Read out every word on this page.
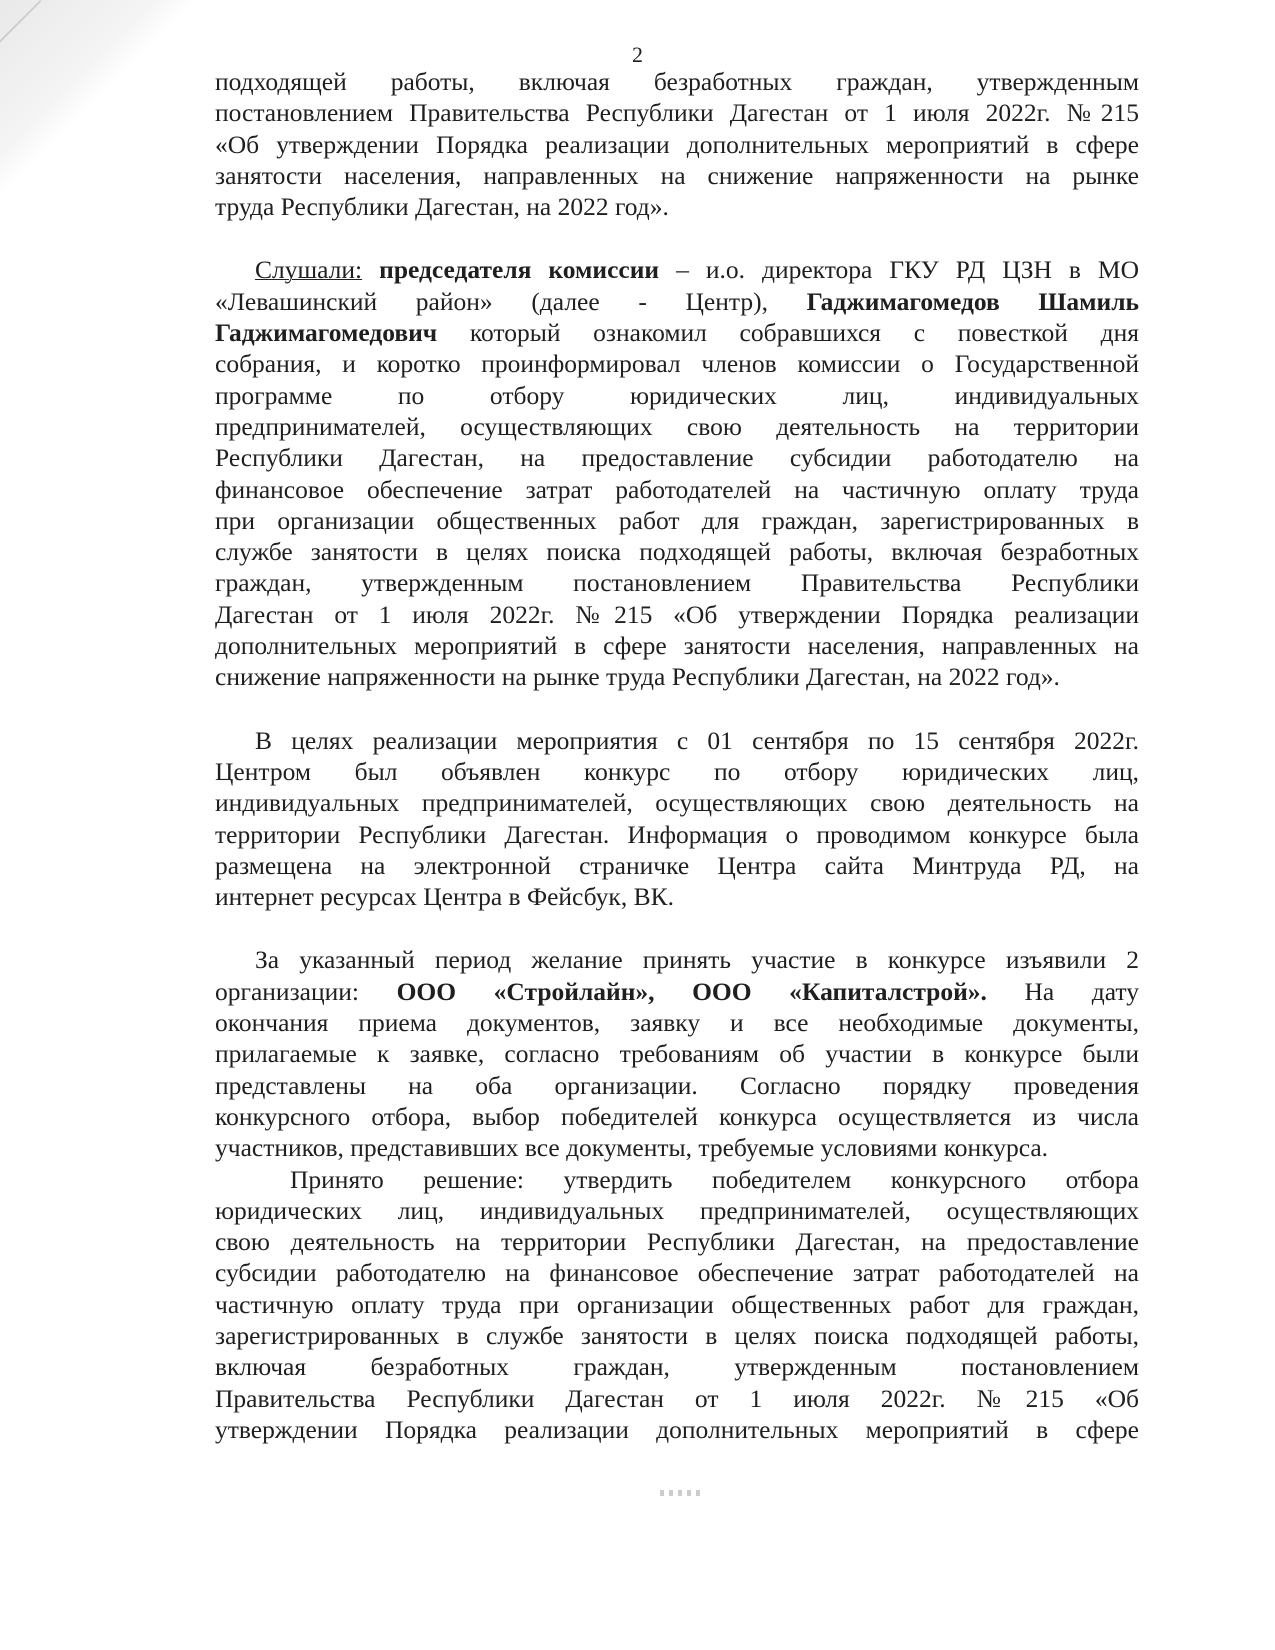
2

подходящей работы, включая безработных граждан, утвержденным

постановлением Правительства Республики Дагестан от 1 июля 2022г. №215

«Об утверждении Порядка реализации дополнительных мероприятий в сфере

занятости населения, направленных на снижение напряженности на рынке

труда Республики Дагестан, на 2022 год».

Слушали: председателя комиссии – и.о. директора ГКУ РД ЦЗН в МО

«Левашинский район» (далее - Центр), Гаджимагомедов Шамиль

Гаджимагомедович который ознакомил собравшихся с повесткой дня

собрания, и коротко проинформировал членов комиссии о Государственной

программе по отбору юридических лиц, индивидуальных

предпринимателей, осуществляющих свою деятельность на территории

Республики Дагестан, на предоставление субсидии работодателю на

финансовое обеспечение затрат работодателей на частичную оплату труда

при организации общественных работ для граждан, зарегистрированных в

службе занятости в целях поиска подходящей работы, включая безработных

граждан, утвержденным постановлением Правительства Республики

Дагестан от 1 июля 2022г. №215 «Об утверждении Порядка реализации

дополнительных мероприятий в сфере занятости населения, направленных на

снижение напряженности на рынке труда Республики Дагестан, на 2022 год».

В целях реализации мероприятия с 01 сентября по 15 сентября 2022г.

Центром был объявлен конкурс по отбору юридических лиц,

индивидуальных предпринимателей, осуществляющих свою деятельность на

территории Республики Дагестан. Информация о проводимом конкурсе была

размещена на электронной страничке Центра сайта Минтруда РД, на

интернет ресурсах Центра в Фейсбук, ВК.

За указанный период желание принять участие в конкурсе изъявили 2

организации: ООО «Стройлайн», ООО «Капиталстрой». На дату

окончания приема документов, заявку и все необходимые документы,

прилагаемые к заявке, согласно требованиям об участии в конкурсе были

представлены на оба организации. Согласно порядку проведения

конкурсного отбора, выбор победителей конкурса осуществляется из числа

участников, представивших все документы, требуемые условиями конкурса.

Принято решение: утвердить победителем конкурсного отбора

юридических лиц, индивидуальных предпринимателей, осуществляющих

свою деятельность на территории Республики Дагестан, на предоставление

субсидии работодателю на финансовое обеспечение затрат работодателей на

частичную оплату труда при организации общественных работ для граждан,

зарегистрированных в службе занятости в целях поиска подходящей работы,

включая безработных граждан, утвержденным постановлением

Правительства Республики Дагестан от 1 июля 2022г. №215 «Об

утверждении Порядка реализации дополнительных мероприятий в сфере
